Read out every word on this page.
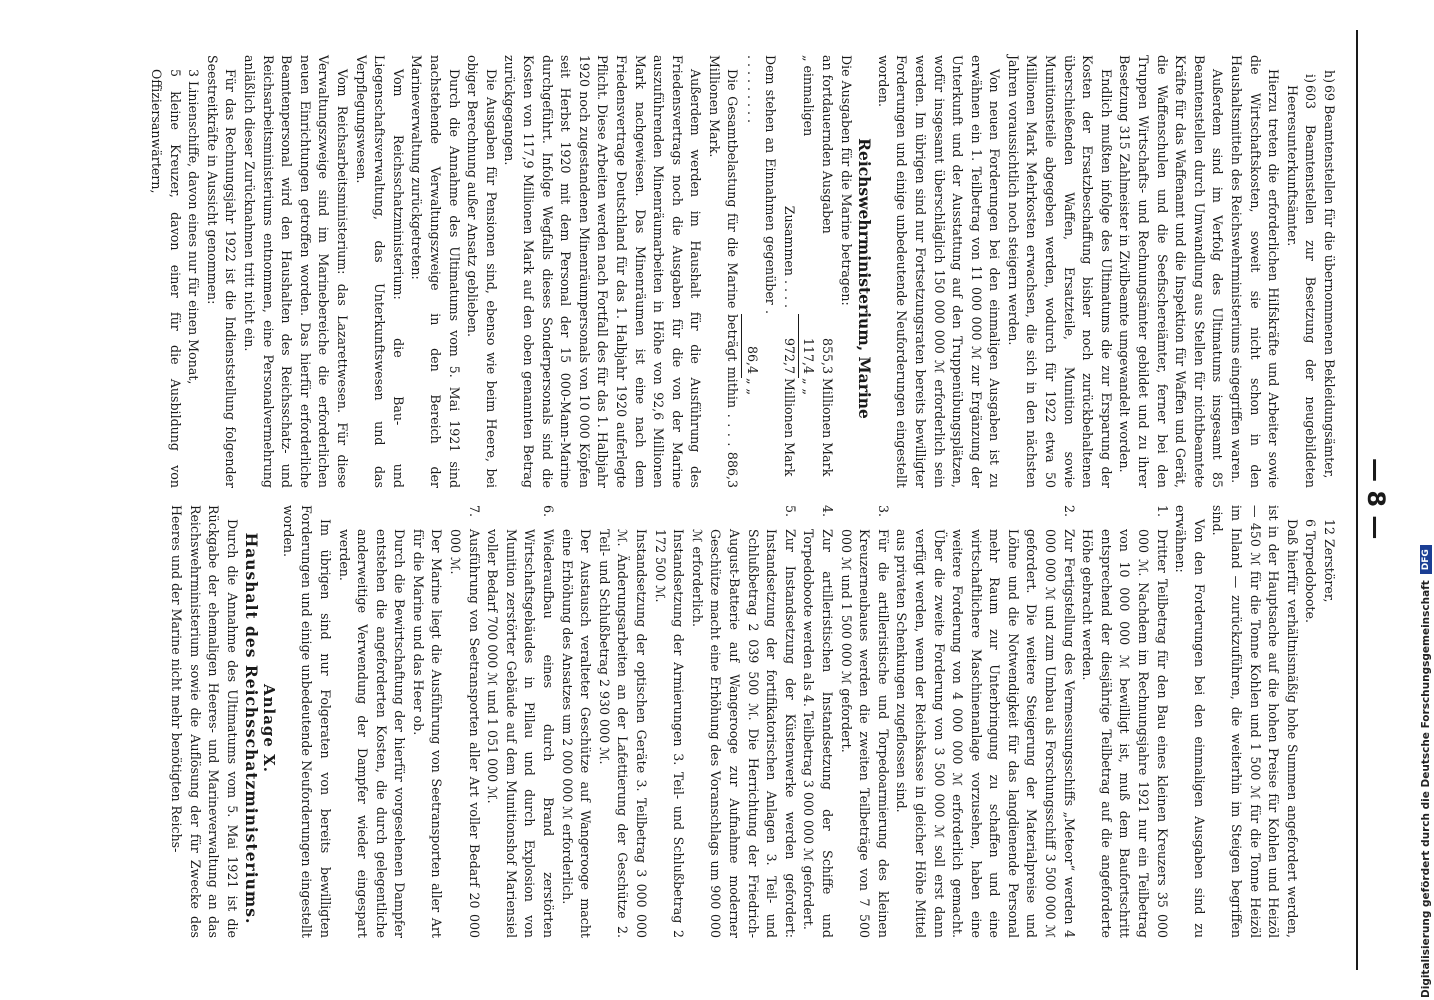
— 8 —

h)
69 Beamtenstellen für die übernommenen Bekleidungsämter,

i)
603 Beamtenstellen zur Besetzung der neugebildeten Heeresunterkunftsämter.

Hierzu treten die erforderlichen Hilfskräfte und Arbeiter sowie die Wirtschaftskosten, soweit sie nicht schon in den Haushaltsmitteln des Reichswehrministeriums eingegriffen waren.

Außerdem sind im Verfolg des Ultimatums insgesamt 85 Beamtenstellen durch Umwandlung aus Stellen für nichtbeamtete Kräfte für das Waffenamt und die Inspektion für Waffen und Gerät, die Waffenschulen und die Seefischereiämter, ferner bei den Truppen Wirtschafts- und Rechnungsämter gebildet und zu ihrer Besetzung 315 Zahlmeister in Zivilbeamte umgewandelt worden.

Endlich mußten infolge des Ultimatums die zur Ersparung der Kosten der Ersatzbeschaffung bisher noch zurückbehaltenen überschießenden Waffen, Ersatzteile, Munition sowie Munitionsteile abgegeben werden, wodurch für 1922 etwa 50 Millionen Mark Mehrkosten erwachsen, die sich in den nächsten Jahren voraussichtlich noch steigern werden.

Von neuen Forderungen bei den einmaligen Ausgaben ist zu erwähnen ein 1. Teilbetrag von 11 000 000 ℳ zur Ergänzung der Unterkunft und der Ausstattung auf den Truppenübungsplätzen, wofür insgesamt überschläglich 150 000 000 ℳ erforderlich sein werden. Im übrigen sind nur Fortsetzungsraten bereits bewilligter Forderungen und einige unbedeutende Neuforderungen eingestellt worden.

Reichswehrministerium, Marine

Die Ausgaben für die Marine betragen:

an fortdauernden Ausgaben	855,3	Millionen Mark
„ einmaligen	117,4	„ „
Zusammen . . . .	972,7	Millionen Mark
Dem stehen an Einnahmen gegenüber . . . . . . . . . .	86,4	„ „

Die Gesamtbelastung für die Marine beträgt mithin . . . . 886,3 Millionen Mark.

Außerdem werden im Haushalt für die Ausführung des Friedensvertrags noch die Ausgaben für die von der Marine auszuführenden Minenräumarbeiten in Höhe von 92,6 Millionen Mark nachgewiesen. Das Minenräumen ist eine nach dem Friedensvertrage Deutschland für das 1. Halbjahr 1920 auferlegte Pflicht. Diese Arbeiten werden nach Fortfall des für das 1. Halbjahr 1920 noch zugestandenen Minenräumpersonals von 10 000 Köpfen seit Herbst 1920 mit dem Personal der 15 000-Mann-Marine durchgeführt. Infolge Wegfalls dieses Sonderpersonals sind die Kosten von 117,9 Millionen Mark auf den oben genannten Betrag zurückgegangen.

Die Ausgaben für Pensionen sind, ebenso wie beim Heere, bei obiger Berechnung außer Ansatz geblieben.

Durch die Annahme des Ultimatums vom 5. Mai 1921 sind nachstehende Verwaltungszweige in den Bereich der Marineverwaltung zurückgetreten:

Vom Reichsschatzministerium: die Bau- und Liegenschaftsverwaltung, das Unterkunftswesen und das Verpflegungswesen.

Vom Reichsarbeitsministerium: das Lazarettwesen. Für diese Verwaltungszweige sind im Marinebereiche die erforderlichen neuen Einrichtungen getroffen worden. Das hierfür erforderliche Beamtenpersonal wird den Haushalten des Reichsschatz- und Reichsarbeitsministeriums entnommen, eine Personalvermehrung anläßlich dieser Zurücknahmen tritt nicht ein.

Für das Rechnungsjahr 1922 ist die Indienststellung folgender Seestreitkräfte in Aussicht genommen:

3 Linienschiffe, davon eines nur für einen Monat,

5 kleine Kreuzer, davon einer für die Ausbildung von Offiziersanwärtern,

12 Zerstörer,

6 Torpedoboote.

Daß hierfür verhältnismäßig hohe Summen angefordert werden, ist in der Hauptsache auf die hohen Preise für Kohlen und Heizöl — 450 ℳ für die Tonne Kohlen und 1 500 ℳ für die Tonne Heizöl im Inland — zurückzuführen, die weiterhin im Steigen begriffen sind.

Von den Forderungen bei den einmaligen Ausgaben sind zu erwähnen:

1.
Dritter Teilbetrag für den Bau eines kleinen Kreuzers 35 000 000 ℳ. Nachdem im Rechnungsjahre 1921 nur ein Teilbetrag von 10 000 000 ℳ bewilligt ist, muß dem Baufortschritt entsprechend der diesjährige Teilbetrag auf die angeforderte Höhe gebracht werden.

2.
Zur Fertigstellung des Vermessungsschiffs „Meteor“ werden 4 000 000 ℳ und zum Umbau als Forschungsschiff 3 500 000 ℳ gefordert. Die weitere Steigerung der Materialpreise und Löhne und die Notwendigkeit für das langdienende Personal mehr Raum zur Unterbringung zu schaffen und eine wirtschaftlichere Maschinenanlage vorzusehen, haben eine weitere Forderung von 4 000 000 ℳ erforderlich gemacht. Über die zweite Forderung von 3 500 000 ℳ soll erst dann verfügt werden, wenn der Reichskasse in gleicher Höhe Mittel aus privaten Schenkungen zugeflossen sind.

3.
Für die artilleristische und Torpedoarmierung des kleinen Kreuzerneubaues werden die zweiten Teilbeträge von 7 500 000 ℳ und 1 500 000 ℳ gefordert.

4.
Zur artilleristischen Instandsetzung der Schiffe und Torpedoboote werden als 4. Teilbetrag 3 000 000 ℳ gefordert.

5.
Zur Instandsetzung der Küstenwerke werden gefordert: Instandsetzung der fortifikatorischen Anlagen 3. Teil- und Schlußbetrag 2 039 500 ℳ. Die Herrichtung der Friedrich-August-Batterie auf Wangerooge zur Aufnahme moderner Geschütze macht eine Erhöhung des Voranschlags um 900 000 ℳ erforderlich.

Instandsetzung der Armierungen 3. Teil- und Schlußbetrag 2 172 500 ℳ.

Instandsetzung der optischen Geräte 3. Teilbetrag 3 000 000 ℳ. Änderungsarbeiten an der Lafettierung der Geschütze 2. Teil- und Schlußbetrag 2 930 000 ℳ.

Der Austausch veralteter Geschütze auf Wangerooge macht eine Erhöhung des Ansatzes um 2 000 000 ℳ erforderlich.

6.
Wiederaufbau eines durch Brand zerstörten Wirtschaftsgebäudes in Pillau und durch Explosion von Munition zerstörter Gebäude auf dem Munitionshof Mariensiel voller Bedarf 700 000 ℳ und 1 051 000 ℳ.

7.
Ausführung von Seetransporten aller Art voller Bedarf 20 000 000 ℳ.

Der Marine liegt die Ausführung von Seetransporten aller Art für die Marine und das Heer ob.

Durch die Bewirtschaftung der hierfür vorgesehenen Dampfer entstehen die angeforderten Kosten, die durch gelegentliche anderweitige Verwendung der Dampfer wieder eingespart werden.

Im übrigen sind nur Folgeraten von bereits bewilligten Forderungen und einige unbedeutende Neuforderungen eingestellt worden.

Anlage X.

Haushalt des Reichsschatzministeriums.

Durch die Annahme des Ultimatums vom 5. Mai 1921 ist die Rückgabe der ehemaligen Heeres- und Marineverwaltung an das Reichswehrministerium sowie die Auflösung der für Zwecke des Heeres und der Marine nicht mehr benötigten Reichs-	Digitalisierung gefördert durch die Deutsche ForschungsgemeinschaftDFG
